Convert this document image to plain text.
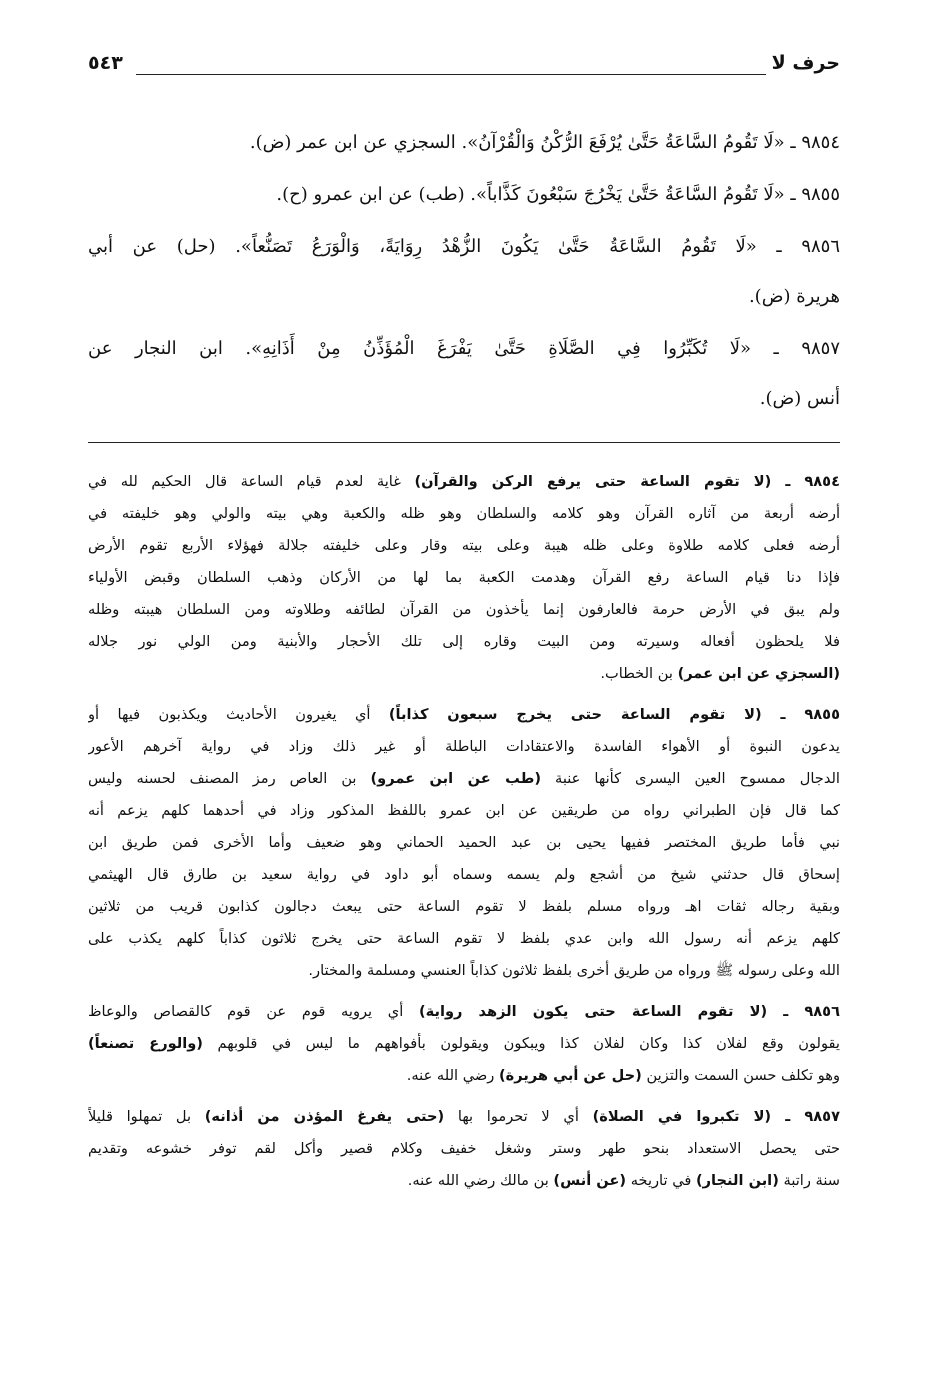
حرف لا
٥٤٣
٩٨٥٤ ـ «لَا تَقُومُ السَّاعَةُ حَتَّىٰ يُرْفَعَ الرُّكْنُ وَالْقُرْآنُ». السجزي عن ابن عمر (ض).
٩٨٥٥ ـ «لَا تَقُومُ السَّاعَةُ حَتَّىٰ يَخْرُجَ سَبْعُونَ كَذَّاباً». (طب) عن ابن عمرو (ح).
٩٨٥٦ ـ «لَا تَقُومُ السَّاعَةُ حَتَّىٰ يَكُونَ الزُّهْدُ رِوَايَةً، وَالْوَرَعُ تَصَنُّعاً». (حل) عن أبي
هريرة (ض).
٩٨٥٧ ـ «لَا تُكَبِّرُوا فِي الصَّلَاةِ حَتَّىٰ يَفْرَغَ الْمُؤَذِّنُ مِنْ أَذَانِهِ». ابن النجار عن
أنس (ض).
٩٨٥٤ ـ (لا تقوم الساعة حتى يرفع الركن والقرآن) غاية لعدم قيام الساعة قال الحكيم لله في
أرضه أربعة من آثاره القرآن وهو كلامه والسلطان وهو ظله والكعبة وهي بيته والولي وهو خليفته في
أرضه فعلى كلامه طلاوة وعلى ظله هيبة وعلى بيته وقار وعلى خليفته جلالة فهؤلاء الأربع تقوم الأرض
فإذا دنا قيام الساعة رفع القرآن وهدمت الكعبة بما لها من الأركان وذهب السلطان وقبض الأولياء
ولم يبق في الأرض حرمة فالعارفون إنما يأخذون من القرآن لطائفه وطلاوته ومن السلطان هيبته وظله
فلا يلحظون أفعاله وسيرته ومن البيت وقاره إلى تلك الأحجار والأبنية ومن الولي نور جلاله
(السجزي عن ابن عمر) بن الخطاب.
٩٨٥٥ ـ (لا تقوم الساعة حتى يخرج سبعون كذاباً) أي يغيرون الأحاديث ويكذبون فيها أو
يدعون النبوة أو الأهواء الفاسدة والاعتقادات الباطلة أو غير ذلك وزاد في رواية آخرهم الأعور
الدجال ممسوح العين اليسرى كأنها عنبة (طب عن ابن عمرو) بن العاص رمز المصنف لحسنه وليس
كما قال فإن الطبراني رواه من طريقين عن ابن عمرو باللفظ المذكور وزاد في أحدهما كلهم يزعم أنه
نبي فأما طريق المختصر ففيها يحيى بن عبد الحميد الحماني وهو ضعيف وأما الأخرى فمن طريق ابن
إسحاق قال حدثني شيخ من أشجع ولم يسمه وسماه أبو داود في رواية سعيد بن طارق قال الهيثمي
وبقية رجاله ثقات اهـ ورواه مسلم بلفظ لا تقوم الساعة حتى يبعث دجالون كذابون قريب من ثلاثين
كلهم يزعم أنه رسول الله وابن عدي بلفظ لا تقوم الساعة حتى يخرج ثلاثون كذاباً كلهم يكذب على
الله وعلى رسوله ﷺ ورواه من طريق أخرى بلفظ ثلاثون كذاباً العنسي ومسلمة والمختار.
٩٨٥٦ ـ (لا تقوم الساعة حتى يكون الزهد رواية) أي يرويه قوم عن قوم كالقصاص والوعاظ
يقولون وقع لفلان كذا وكان لفلان كذا ويبكون ويقولون بأفواههم ما ليس في قلوبهم (والورع تصنعاً)
وهو تكلف حسن السمت والتزين (حل عن أبي هريرة) رضي الله عنه.
٩٨٥٧ ـ (لا تكبروا في الصلاة) أي لا تحرموا بها (حتى يفرغ المؤذن من أذانه) بل تمهلوا قليلاً
حتى يحصل الاستعداد بنحو طهر وستر وشغل خفيف وكلام قصير وأكل لقم توفر خشوعه وتقديم
سنة راتبة (ابن النجار) في تاريخه (عن أنس) بن مالك رضي الله عنه.
